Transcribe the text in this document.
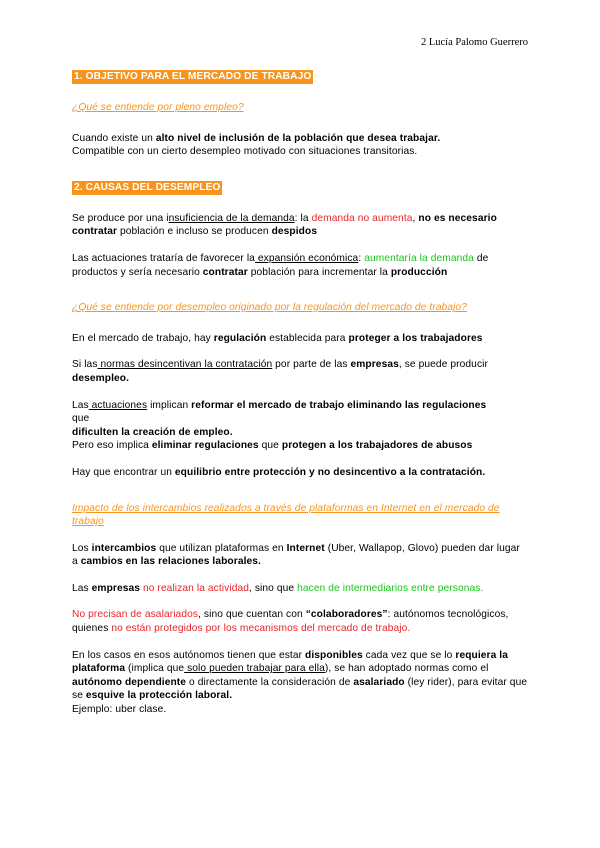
2 Lucía Palomo Guerrero
1. OBJETIVO PARA EL MERCADO DE TRABAJO

¿Qué se entiende por pleno empleo?

Cuando existe un alto nivel de inclusión de la población que desea trabajar.
Compatible con un cierto desempleo motivado con situaciones transitorias.

2. CAUSAS DEL DESEMPLEO

Se produce por una insuficiencia de la demanda: la demanda no aumenta, no es necesario contratar población e incluso se producen despidos

Las actuaciones trataría de favorecer la expansión económica: aumentaría la demanda de productos y sería necesario contratar población para incrementar la producción

¿Qué se entiende por desempleo originado por la regulación del mercado de trabajo?

En el mercado de trabajo, hay regulación establecida para proteger a los trabajadores

Si las normas desincentivan la contratación por parte de las empresas, se puede producir desempleo.

Las actuaciones implican reformar el mercado de trabajo eliminando las regulaciones
que
dificulten la creación de empleo.
Pero eso implica eliminar regulaciones que protegen a los trabajadores de abusos

Hay que encontrar un equilibrio entre protección y no desincentivo a la contratación.

Impacto de los intercambios realizados a través de plataformas en Internet en el mercado de trabajo

Los intercambios que utilizan plataformas en Internet (Uber, Wallapop, Glovo) pueden dar lugar a cambios en las relaciones laborales.

Las empresas no realizan la actividad, sino que hacen de intermediarios entre personas.

No precisan de asalariados, sino que cuentan con “colaboradores”: autónomos tecnológicos, quienes no están protegidos por los mecanismos del mercado de trabajo.

En los casos en esos autónomos tienen que estar disponibles cada vez que se lo requiera la plataforma (implica que solo pueden trabajar para ella), se han adoptado normas como el autónomo dependiente o directamente la consideración de asalariado (ley rider), para evitar que se esquive la protección laboral.
Ejemplo: uber clase.
